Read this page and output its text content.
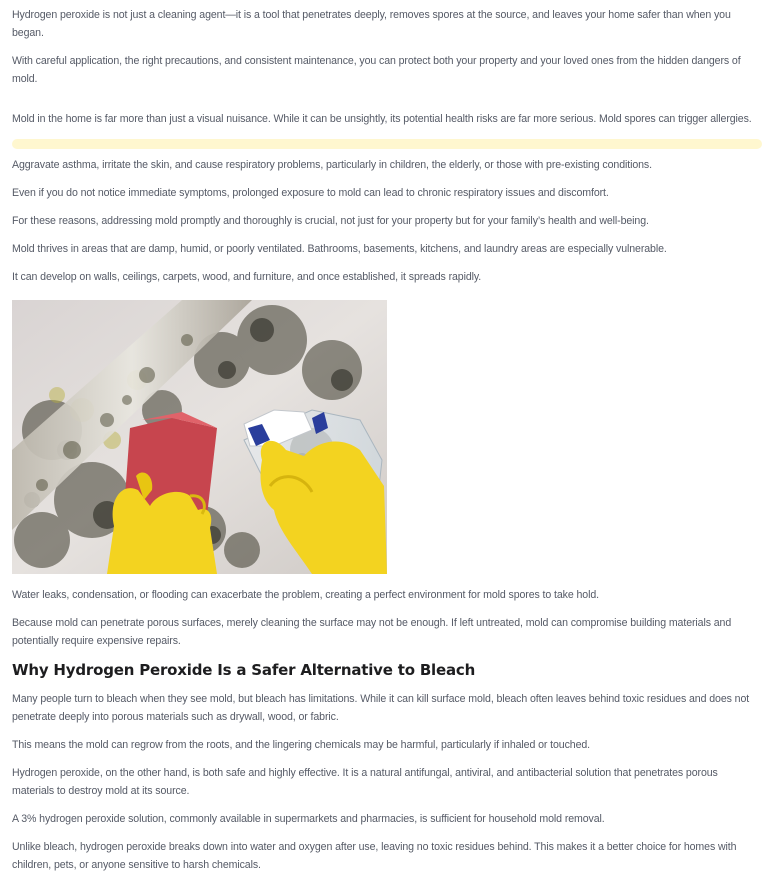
Hydrogen peroxide is not just a cleaning agent—it is a tool that penetrates deeply, removes spores at the source, and leaves your home safer than when you began.

With careful application, the right precautions, and consistent maintenance, you can protect both your property and your loved ones from the hidden dangers of mold.

Mold in the home is far more than just a visual nuisance. While it can be unsightly, its potential health risks are far more serious. Mold spores can trigger allergies.

Aggravate asthma, irritate the skin, and cause respiratory problems, particularly in children, the elderly, or those with pre-existing conditions.

Even if you do not notice immediate symptoms, prolonged exposure to mold can lead to chronic respiratory issues and discomfort.

For these reasons, addressing mold promptly and thoroughly is crucial, not just for your property but for your family’s health and well-being.

Mold thrives in areas that are damp, humid, or poorly ventilated. Bathrooms, basements, kitchens, and laundry areas are especially vulnerable.

It can develop on walls, ceilings, carpets, wood, and furniture, and once established, it spreads rapidly.

Water leaks, condensation, or flooding can exacerbate the problem, creating a perfect environment for mold spores to take hold.

Because mold can penetrate porous surfaces, merely cleaning the surface may not be enough. If left untreated, mold can compromise building materials and potentially require expensive repairs.

Why Hydrogen Peroxide Is a Safer Alternative to Bleach

Many people turn to bleach when they see mold, but bleach has limitations. While it can kill surface mold, bleach often leaves behind toxic residues and does not penetrate deeply into porous materials such as drywall, wood, or fabric.

This means the mold can regrow from the roots, and the lingering chemicals may be harmful, particularly if inhaled or touched.

Hydrogen peroxide, on the other hand, is both safe and highly effective. It is a natural antifungal, antiviral, and antibacterial solution that penetrates porous materials to destroy mold at its source.

A 3% hydrogen peroxide solution, commonly available in supermarkets and pharmacies, is sufficient for household mold removal.

Unlike bleach, hydrogen peroxide breaks down into water and oxygen after use, leaving no toxic residues behind. This makes it a better choice for homes with children, pets, or anyone sensitive to harsh chemicals.
